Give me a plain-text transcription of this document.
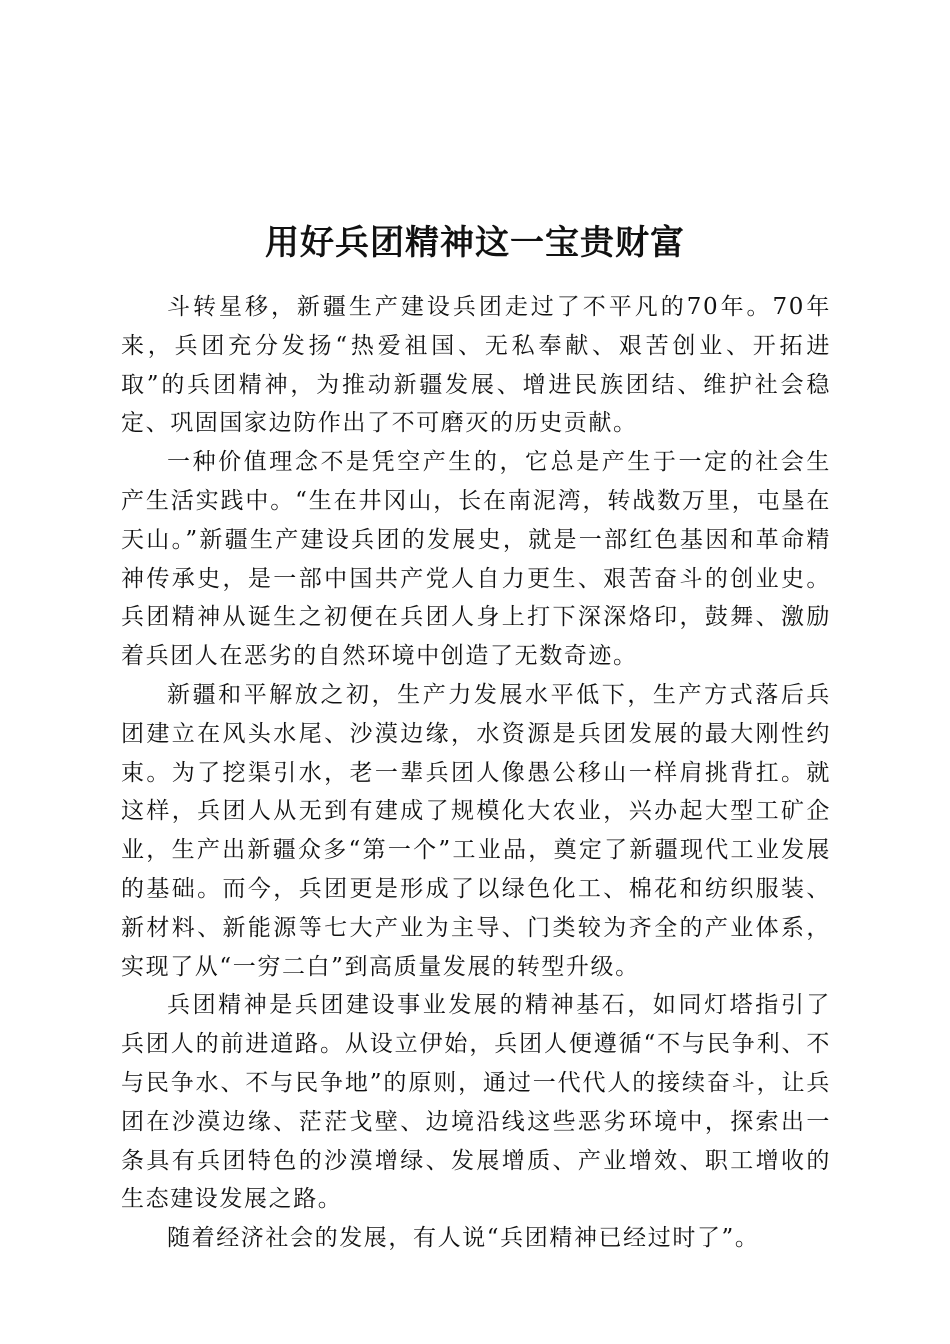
用好兵团精神这一宝贵财富

斗转星移，新疆生产建设兵团走过了不平凡的70年。70年来，兵团充分发扬“热爱祖国、无私奉献、艰苦创业、开拓进取”的兵团精神，为推动新疆发展、增进民族团结、维护社会稳定、巩固国家边防作出了不可磨灭的历史贡献。

一种价值理念不是凭空产生的，它总是产生于一定的社会生产生活实践中。“生在井冈山，长在南泥湾，转战数万里，屯垦在天山。”新疆生产建设兵团的发展史，就是一部红色基因和革命精神传承史，是一部中国共产党人自力更生、艰苦奋斗的创业史。兵团精神从诞生之初便在兵团人身上打下深深烙印，鼓舞、激励着兵团人在恶劣的自然环境中创造了无数奇迹。

新疆和平解放之初，生产力发展水平低下，生产方式落后兵团建立在风头水尾、沙漠边缘，水资源是兵团发展的最大刚性约束。为了挖渠引水，老一辈兵团人像愚公移山一样肩挑背扛。就这样，兵团人从无到有建成了规模化大农业，兴办起大型工矿企业，生产出新疆众多“第一个”工业品，奠定了新疆现代工业发展的基础。而今，兵团更是形成了以绿色化工、棉花和纺织服装、新材料、新能源等七大产业为主导、门类较为齐全的产业体系，实现了从“一穷二白”到高质量发展的转型升级。

兵团精神是兵团建设事业发展的精神基石，如同灯塔指引了兵团人的前进道路。从设立伊始，兵团人便遵循“不与民争利、不与民争水、不与民争地”的原则，通过一代代人的接续奋斗，让兵团在沙漠边缘、茫茫戈壁、边境沿线这些恶劣环境中，探索出一条具有兵团特色的沙漠增绿、发展增质、产业增效、职工增收的生态建设发展之路。

随着经济社会的发展，有人说“兵团精神已经过时了”。
